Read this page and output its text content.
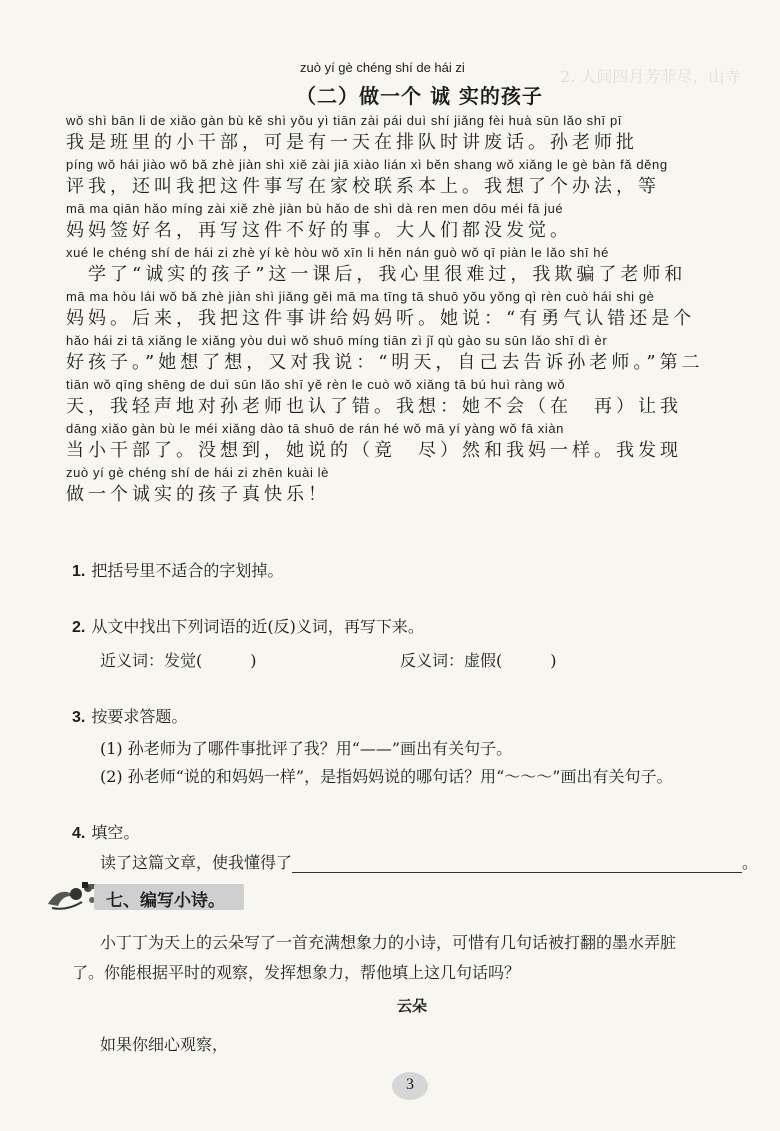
2. 人间四月芳菲尽，山寺
zuò yí gè chéng shí de hái zi
（二）做一个 诚 实的孩子
wǒ shì bān li de xiǎo gàn bù kě shì yǒu yì tiān zài pái duì shí jiǎng fèi huà sūn lǎo shī pī
我是班里的小干部，可是有一天在排队时讲废话。孙老师批
píng wǒ hái jiào wǒ bǎ zhè jiàn shì xiě zài jiā xiào lián xì běn shang wǒ xiǎng le gè bàn fǎ děng
评我，还叫我把这件事写在家校联系本上。我想了个办法，等
mā ma qiān hǎo míng zài xiě zhè jiàn bù hǎo de shì dà ren men dōu méi fā jué
妈妈签好名，再写这件不好的事。大人们都没发觉。
xué le chéng shí de hái zi zhè yí kè hòu wǒ xīn li hěn nán guò wǒ qī piàn le lǎo shī hé
　学了“诚实的孩子”这一课后，我心里很难过，我欺骗了老师和
mā ma hòu lái wǒ bǎ zhè jiàn shì jiǎng gěi mā ma tīng tā shuō yǒu yǒng qì rèn cuò hái shi gè
妈妈。后来，我把这件事讲给妈妈听。她说：“有勇气认错还是个
hǎo hái zi tā xiǎng le xiǎng yòu duì wǒ shuō míng tiān zì jǐ qù gào su sūn lǎo shī dì èr
好孩子。”她想了想，又对我说：“明天，自己去告诉孙老师。”第二
tiān wǒ qīng shēng de duì sūn lǎo shī yě rèn le cuò wǒ xiǎng tā bú huì ràng wǒ
天，我轻声地对孙老师也认了错。我想：她不会（在　再）让我
dāng xiǎo gàn bù le méi xiǎng dào tā shuō de rán hé wǒ mā yí yàng wǒ fā xiàn
当小干部了。没想到，她说的（竟　尽）然和我妈一样。我发现
zuò yí gè chéng shí de hái zi zhēn kuài lè
做一个诚实的孩子真快乐！
1. 把括号里不适合的字划掉。
2. 从文中找出下列词语的近(反)义词，再写下来。
近义词：发觉(　　　)	反义词：虚假(　　　)
3. 按要求答题。
(1) 孙老师为了哪件事批评了我？用“——”画出有关句子。
(2) 孙老师“说的和妈妈一样”，是指妈妈说的哪句话？用“～～～”画出有关句子。
4. 填空。
读了这篇文章，使我懂得了	。
七、编写小诗。
小丁丁为天上的云朵写了一首充满想象力的小诗，可惜有几句话被打翻的墨水弄脏
了。你能根据平时的观察，发挥想象力，帮他填上这几句话吗？
云朵
如果你细心观察，
3
